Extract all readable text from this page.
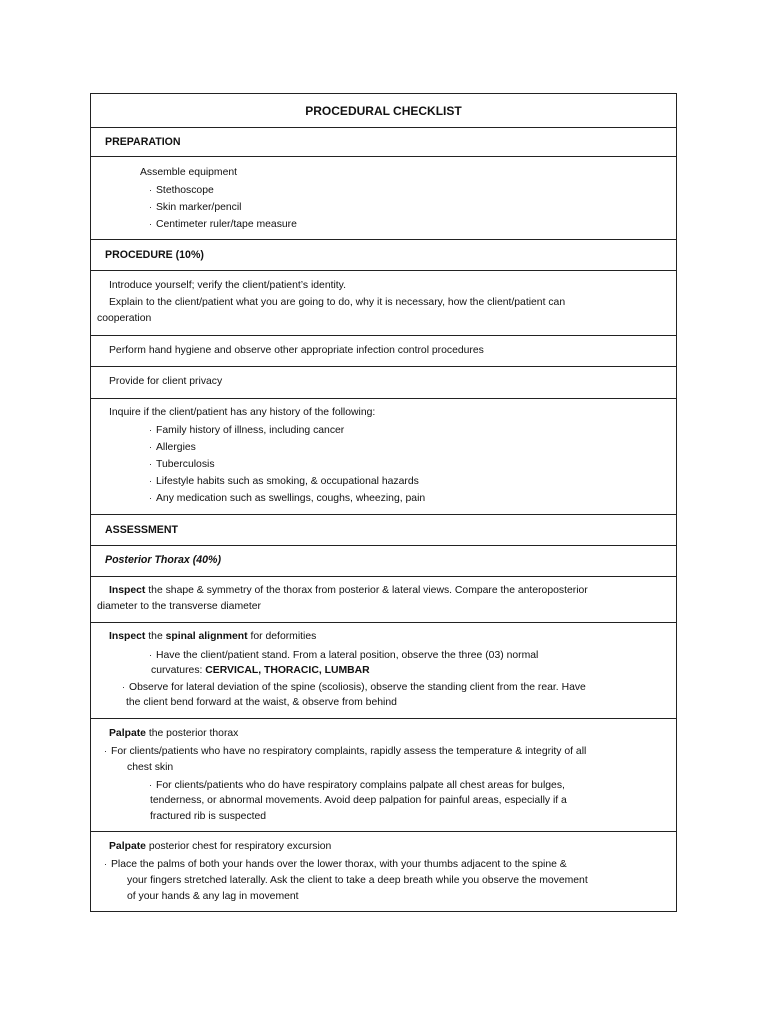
PROCEDURAL CHECKLIST
PREPARATION
Assemble equipment
· Stethoscope
· Skin marker/pencil
· Centimeter ruler/tape measure
PROCEDURE (10%)
Introduce yourself; verify the client/patient’s identity.
Explain to the client/patient what you are going to do, why it is necessary, how the client/patient can
cooperation
Perform hand hygiene and observe other appropriate infection control procedures
Provide for client privacy
Inquire if the client/patient has any history of the following:
· Family history of illness, including cancer
· Allergies
· Tuberculosis
· Lifestyle habits such as smoking, & occupational hazards
· Any medication such as swellings, coughs, wheezing, pain
ASSESSMENT
Posterior Thorax (40%)
Inspect the shape & symmetry of the thorax from posterior & lateral views. Compare the anteroposterior
diameter to the transverse diameter
Inspect the spinal alignment for deformities
· Have the client/patient stand. From a lateral position, observe the three (03) normal
curvatures: CERVICAL, THORACIC, LUMBAR
· Observe for lateral deviation of the spine (scoliosis), observe the standing client from the rear. Have
the client bend forward at the waist, & observe from behind
Palpate the posterior thorax
· For clients/patients who have no respiratory complaints, rapidly assess the temperature & integrity of all
chest skin
· For clients/patients who do have respiratory complains palpate all chest areas for bulges,
tenderness, or abnormal movements. Avoid deep palpation for painful areas, especially if a
fractured rib is suspected
Palpate posterior chest for respiratory excursion
· Place the palms of both your hands over the lower thorax, with your thumbs adjacent to the spine &
your fingers stretched laterally. Ask the client to take a deep breath while you observe the movement
of your hands & any lag in movement
